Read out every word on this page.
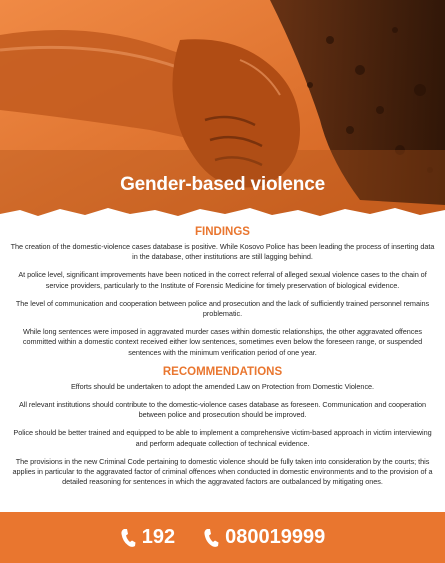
Gender-based violence
FINDINGS

The creation of the domestic-violence cases database is positive. While Kosovo Police has been leading the process of inserting data in the database, other institutions are still lagging behind.

At police level, significant improvements have been noticed in the correct referral of alleged sexual violence cases to the chain of service providers, particularly to the Institute of Forensic Medicine for timely preservation of biological evidence.

The level of communication and cooperation between police and prosecution and the lack of sufficiently trained personnel remains problematic.

While long sentences were imposed in aggravated murder cases within domestic relationships, the other aggravated offences committed within a domestic context received either low sentences, sometimes even below the foreseen range, or suspended sentences with the minimum verification period of one year.

RECOMMENDATIONS

Efforts should be undertaken to adopt the amended Law on Protection from Domestic Violence.

All relevant institutions should contribute to the domestic-violence cases database as foreseen. Communication and cooperation between police and prosecution should be improved.

Police should be better trained and equipped to be able to implement a comprehensive victim-based approach in victim interviewing and perform adequate collection of technical evidence.

The provisions in the new Criminal Code pertaining to domestic violence should be fully taken into consideration by the courts; this applies in particular to the aggravated factor of criminal offences when conducted in domestic environments and to the provision of a detailed reasoning for sentences in which the aggravated factors are outbalanced by mitigating ones.

192	080019999
